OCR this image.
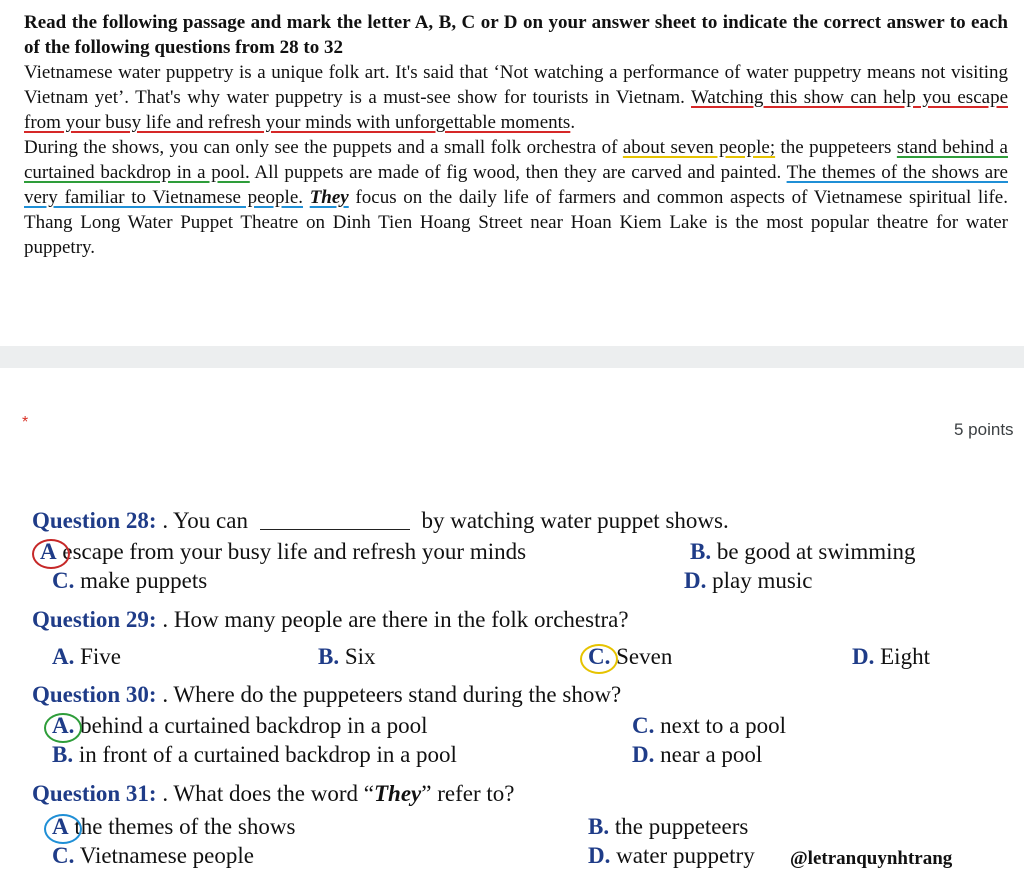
Read the following passage and mark the letter A, B, C or D on your answer sheet to indicate the correct answer to each of the following questions from 28 to 32

Vietnamese water puppetry is a unique folk art. It's said that ‘Not watching a performance of water puppetry means not visiting Vietnam yet’. That's why water puppetry is a must-see show for tourists in Vietnam. Watching this show can help you escape from your busy life and refresh your minds with unforgettable moments.

During the shows, you can only see the puppets and a small folk orchestra of about seven people; the puppeteers stand behind a curtained backdrop in a pool. All puppets are made of fig wood, then they are carved and painted. The themes of the shows are very familiar to Vietnamese people. They focus on the daily life of farmers and common aspects of Vietnamese spiritual life. Thang Long Water Puppet Theatre on Dinh Tien Hoang Street near Hoan Kiem Lake is the most popular theatre for water puppetry.

*	5 points
Question 28: . You can	by watching water puppet shows.
A escape from your busy life and refresh your minds	B. be good at swimming
C. make puppets	D. play music
Question 29: . How many people are there in the folk orchestra?
A. Five	B. Six	C. Seven	D. Eight
Question 30: . Where do the puppeteers stand during the show?
A. behind a curtained backdrop in a pool	C. next to a pool
B. in front of a curtained backdrop in a pool	D. near a pool
Question 31: . What does the word “They” refer to?
A the themes of the shows	B. the puppeteers
C. Vietnamese people	D. water puppetry @letranquynhtrang
